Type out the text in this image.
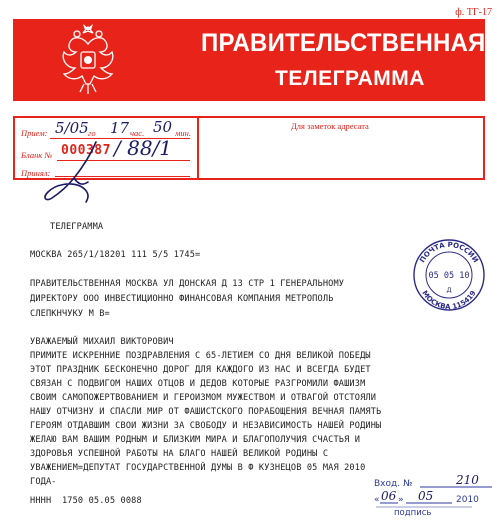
ф. ТГ-17
ПРАВИТЕЛЬСТВЕННАЯ
ТЕЛЕГРАММА
Для заметок адресата
Прием:	го	час.	мин.
5/05 17 50
Бланк № 000387 / 88/1
Принял:
ТЕЛЕГРАММА
МОСКВА 265/1/18201 111 5/5 1745=
ПРАВИТЕЛЬСТВЕННАЯ МОСКВА УЛ ДОНСКАЯ Д 13 СТР 1 ГЕНЕРАЛЬНОМУ
ДИРЕКТОРУ ООО ИНВЕСТИЦИОННО ФИНАНСОВАЯ КОМПАНИЯ МЕТРОПОЛЬ
СЛЕПКНЧУКУ М В=
УВАЖАЕМЫЙ МИХАИЛ ВИКТОРОВИЧ
ПРИМИТЕ ИСКРЕННИЕ ПОЗДРАВЛЕНИЯ С 65-ЛЕТИЕМ СО ДНЯ ВЕЛИКОЙ ПОБЕДЫ
ЭТОТ ПРАЗДНИК БЕСКОНЕЧНО ДОРОГ ДЛЯ КАЖДОГО ИЗ НАС И ВСЕГДА БУДЕТ
СВЯЗАН С ПОДВИГОМ НАШИХ ОТЦОВ И ДЕДОВ КОТОРЫЕ РАЗГРОМИЛИ ФАШИЗМ
СВОИМ САМОПОЖЕРТВОВАНИЕМ И ГЕРОИЗМОМ МУЖЕСТВОМ И ОТВАГОЙ ОТСТОЯЛИ
НАШУ ОТЧИЗНУ И СПАСЛИ МИР ОТ ФАШИСТСКОГО ПОРАБОЩЕНИЯ ВЕЧНАЯ ПАМЯТЬ
ГЕРОЯМ ОТДАВШИМ СВОИ ЖИЗНИ ЗА СВОБОДУ И НЕЗАВИСИМОСТЬ НАШЕЙ РОДИНЫ
ЖЕЛАЮ ВАМ ВАШИМ РОДНЫМ И БЛИЗКИМ МИРА И БЛАГОПОЛУЧИЯ СЧАСТЬЯ И
ЗДОРОВЬЯ УСПЕШНОЙ РАБОТЫ НА БЛАГО НАШЕЙ ВЕЛИКОЙ РОДИНЫ С
УВАЖЕНИЕМ=ДЕПУТАТ ГОСУДАРСТВЕННОЙ ДУМЫ В Ф КУЗНЕЦОВ 05 МАЯ 2010
ГОДА-
НННН  1750 05.05 0088
ПОЧТА РОССИИ
МОСКВА 115419
05 05 10
Д
Вход. №	210
« 06 » 05	2010
подпись
